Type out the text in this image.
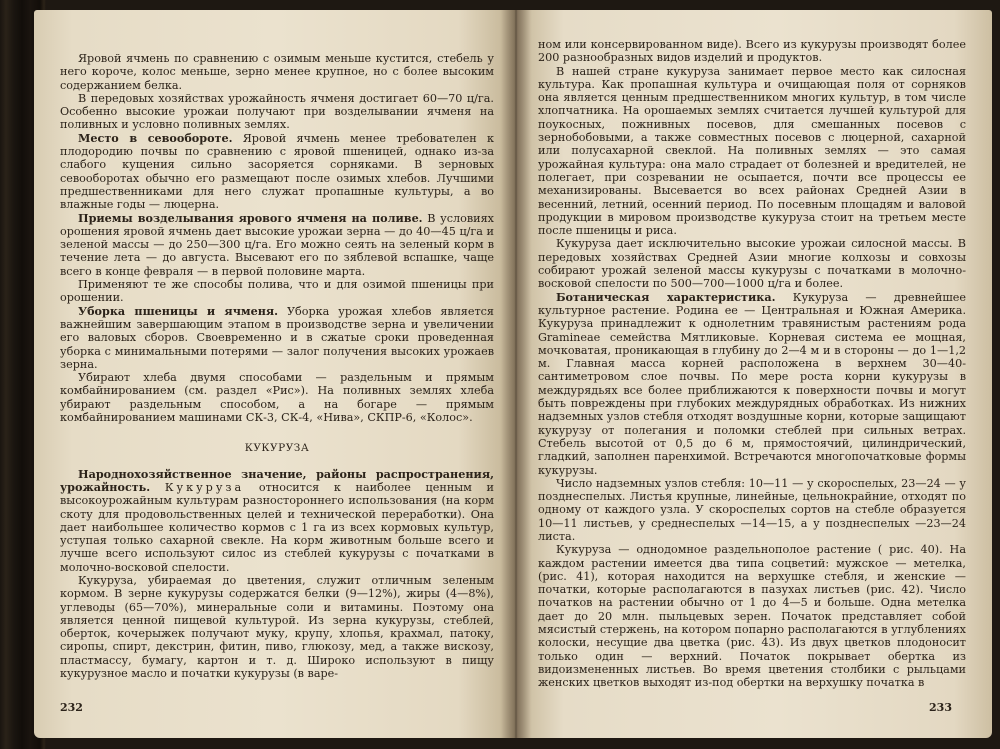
Яровой ячмень по сравнению с озимым меньше кустится, стебель у него короче, колос меньше, зерно менее крупное, но с более высоким содержанием белка.

В передовых хозяйствах урожайность ячменя достигает 60—70 ц/га. Особенно высокие урожаи получают при возделывании ячменя на поливных и условно поливных землях.

Место в севообороте. Яровой ячмень менее требователен к плодородию почвы по сравнению с яровой пшеницей, однако из-за слабого кущения сильно засоряется сорняками. В зерновых севооборотах обычно его размещают после озимых хлебов. Лучшими предшественниками для него служат пропашные культуры, а во влажные годы — люцерна.

Приемы возделывания ярового ячменя на поливе. В условиях орошения яровой ячмень дает высокие урожаи зерна — до 40—45 ц/га и зеленой массы — до 250—300 ц/га. Его можно сеять на зеленый корм в течение лета — до августа. Высевают его по зяблевой вспашке, чаще всего в конце февраля — в первой половине марта.

Применяют те же способы полива, что и для озимой пшеницы при орошении.

Уборка пшеницы и ячменя. Уборка урожая хлебов является важнейшим завершающим этапом в производстве зерна и увеличении его валовых сборов. Своевременно и в сжатые сроки проведенная уборка с минимальными потерями — залог получения высоких урожаев зерна.

Убирают хлеба двумя способами — раздельным и прямым комбайнированием (см. раздел «Рис»). На поливных землях хлеба убирают раздельным способом, а на богаре — прямым комбайнированием машинами СК-3, СК-4, «Нива», СКПР-6, «Колос».

КУКУРУЗА

Народнохозяйственное значение, районы распространения, урожайность. Кукуруза относится к наиболее ценным и высокоурожайным культурам разностороннего использования (на корм скоту для продовольственных целей и технической переработки). Она дает наибольшее количество кормов с 1 га из всех кормовых культур, уступая только сахарной свекле. На корм животным больше всего и лучше всего используют силос из стеблей кукурузы с початками в молочно-восковой спелости.

Кукуруза, убираемая до цветения, служит отличным зеленым кормом. В зерне кукурузы содержатся белки (9—12%), жиры (4—8%), углеводы (65—70%), минеральные соли и витамины. Поэтому она является ценной пищевой культурой. Из зерна кукурузы, стеблей, оберток, кочерыжек получают муку, крупу, хлопья, крахмал, патоку, сиропы, спирт, декстрин, фитин, пиво, глюкозу, мед, а также вискозу, пластмассу, бумагу, картон и т. д. Широко используют в пищу кукурузное масло и початки кукурузы (в варе-

232

ном или консервированном виде). Всего из кукурузы производят более 200 разнообразных видов изделий и продуктов.

В нашей стране кукуруза занимает первое место как силосная культура. Как пропашная культура и очищающая поля от сорняков она является ценным предшественником многих культур, в том числе хлопчатника. На орошаемых землях считается лучшей культурой для поукосных, пожнивных посевов, для смешанных посевов с зернобобовыми, а также совместных посевов с люцерной, сахарной или полусахарной свеклой. На поливных землях — это самая урожайная культура: она мало страдает от болезней и вредителей, не полегает, при созревании не осыпается, почти все процессы ее механизированы. Высевается во всех районах Средней Азии в весенний, летний, осенний период. По посевным площадям и валовой продукции в мировом производстве кукуруза стоит на третьем месте после пшеницы и риса.

Кукуруза дает исключительно высокие урожаи силосной массы. В передовых хозяйствах Средней Азии многие колхозы и совхозы собирают урожай зеленой массы кукурузы с початками в молочно-восковой спелости по 500—700—1000 ц/га и более.

Ботаническая характеристика. Кукуруза — древнейшее культурное растение. Родина ее — Центральная и Южная Америка. Кукуруза принадлежит к однолетним травянистым растениям рода Gramineae семейства Мятликовые. Корневая система ее мощная, мочковатая, проникающая в глубину до 2—4 м и в стороны — до 1—1,2 м. Главная масса корней расположена в верхнем 30—40-сантиметровом слое почвы. По мере роста корни кукурузы в междурядьях все более приближаются к поверхности почвы и могут быть повреждены при глубоких междурядных обработках. Из нижних надземных узлов стебля отходят воздушные корни, которые защищают кукурузу от полегания и поломки стеблей при сильных ветрах. Стебель высотой от 0,5 до 6 м, прямостоячий, цилиндрический, гладкий, заполнен паренхимой. Встречаются многопочатковые формы кукурузы.

Число надземных узлов стебля: 10—11 — у скороспелых, 23—24 — у позднеспелых. Листья крупные, линейные, цельнокрайние, отходят по одному от каждого узла. У скороспелых сортов на стебле образуется 10—11 листьев, у среднеспелых —14—15, а у позднеспелых —23—24 листа.

Кукуруза — однодомное раздельнополое растение ( рис. 40). На каждом растении имеется два типа соцветий: мужское — метелка, (рис. 41), которая находится на верхушке стебля, и женские — початки, которые располагаются в пазухах листьев (рис. 42). Число початков на растении обычно от 1 до 4—5 и больше. Одна метелка дает до 20 млн. пыльцевых зерен. Початок представляет собой мясистый стержень, на котором попарно располагаются в углублениях колоски, несущие два цветка (рис. 43). Из двух цветков плодоносит только один — верхний. Початок покрывает обертка из видоизмененных листьев. Во время цветения столбики с рыльцами женских цветков выходят из-под обертки на верхушку початка в

233
